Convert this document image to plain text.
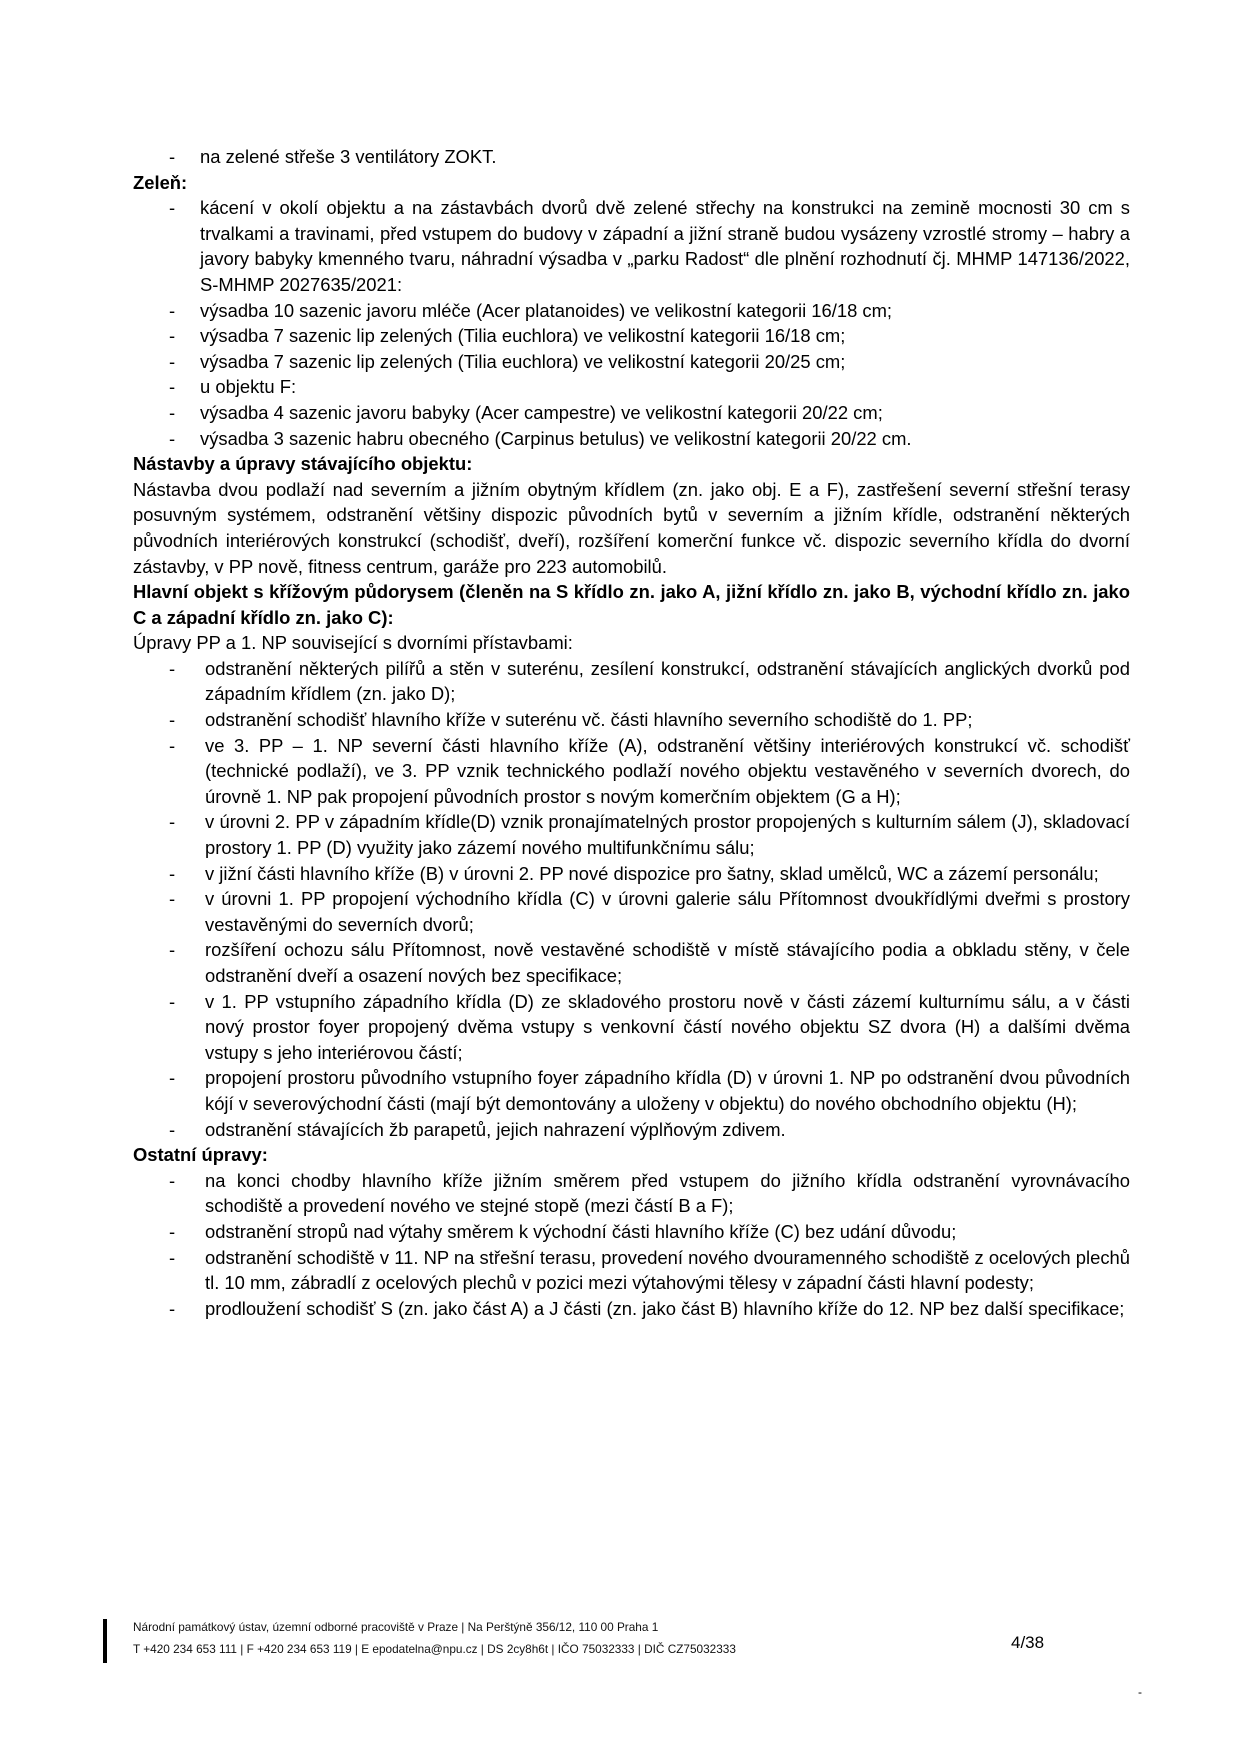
- na zelené střeše 3 ventilátory ZOKT.
Zeleň:
- kácení v okolí objektu a na zástavbách dvorů dvě zelené střechy na konstrukci na zemině mocnosti 30 cm s trvalkami a travinami, před vstupem do budovy v západní a jižní straně budou vysázeny vzrostlé stromy – habry a javory babyky kmenného tvaru, náhradní výsadba v „parku Radost“ dle plnění rozhodnutí čj. MHMP 147136/2022, S-MHMP 2027635/2021:
- výsadba 10 sazenic javoru mléče (Acer platanoides) ve velikostní kategorii 16/18 cm;
- výsadba 7 sazenic lip zelených (Tilia euchlora) ve velikostní kategorii 16/18 cm;
- výsadba 7 sazenic lip zelených (Tilia euchlora) ve velikostní kategorii 20/25 cm;
- u objektu F:
- výsadba 4 sazenic javoru babyky (Acer campestre) ve velikostní kategorii 20/22 cm;
- výsadba 3 sazenic habru obecného (Carpinus betulus) ve velikostní kategorii 20/22 cm.
Nástavby a úpravy stávajícího objektu:
Nástavba dvou podlaží nad severním a jižním obytným křídlem (zn. jako obj. E a F), zastřešení severní střešní terasy posuvným systémem, odstranění většiny dispozic původních bytů v severním a jižním křídle, odstranění některých původních interiérových konstrukcí (schodišť, dveří), rozšíření komerční funkce vč. dispozic severního křídla do dvorní zástavby, v PP nově, fitness centrum, garáže pro 223 automobilů.
Hlavní objekt s křížovým půdorysem (členěn na S křídlo zn. jako A, jižní křídlo zn. jako B, východní křídlo zn. jako C a západní křídlo zn. jako C):
Úpravy PP a 1. NP související s dvorními přístavbami:
- odstranění některých pilířů a stěn v suterénu, zesílení konstrukcí, odstranění stávajících anglických dvorků pod západním křídlem (zn. jako D);
- odstranění schodišť hlavního kříže v suterénu vč. části hlavního severního schodiště do 1. PP;
- ve 3. PP – 1. NP severní části hlavního kříže (A), odstranění většiny interiérových konstrukcí vč. schodišť (technické podlaží), ve 3. PP vznik technického podlaží nového objektu vestavěného v severních dvorech, do úrovně 1. NP pak propojení původních prostor s novým komerčním objektem (G a H);
- v úrovni 2. PP v západním křídle(D) vznik pronajímatelných prostor propojených s kulturním sálem (J), skladovací prostory 1. PP (D) využity jako zázemí nového multifunkčnímu sálu;
- v jižní části hlavního kříže (B) v úrovni 2. PP nové dispozice pro šatny, sklad umělců, WC a zázemí personálu;
- v úrovni 1. PP propojení východního křídla (C) v úrovni galerie sálu Přítomnost dvoukřídlými dveřmi s prostory vestavěnými do severních dvorů;
- rozšíření ochozu sálu Přítomnost, nově vestavěné schodiště v místě stávajícího podia a obkladu stěny, v čele odstranění dveří a osazení nových bez specifikace;
- v 1. PP vstupního západního křídla (D) ze skladového prostoru nově v části zázemí kulturnímu sálu, a v části nový prostor foyer propojený dvěma vstupy s venkovní částí nového objektu SZ dvora (H) a dalšími dvěma vstupy s jeho interiérovou částí;
- propojení prostoru původního vstupního foyer západního křídla (D) v úrovni 1. NP po odstranění dvou původních kójí v severovýchodní části (mají být demontovány a uloženy v objektu) do nového obchodního objektu (H);
- odstranění stávajících žb parapetů, jejich nahrazení výplňovým zdivem.
Ostatní úpravy:
- na konci chodby hlavního kříže jižním směrem před vstupem do jižního křídla odstranění vyrovnávacího schodiště a provedení nového ve stejné stopě (mezi částí B a F);
- odstranění stropů nad výtahy směrem k východní části hlavního kříže (C) bez udání důvodu;
- odstranění schodiště v 11. NP na střešní terasu, provedení nového dvouramenného schodiště z ocelových plechů tl. 10 mm, zábradlí z ocelových plechů v pozici mezi výtahovými tělesy v západní části hlavní podesty;
- prodloužení schodišť S (zn. jako část A) a J části (zn. jako část B) hlavního kříže do 12. NP bez další specifikace;
Národní památkový ústav, územní odborné pracoviště v Praze | Na Perštýně 356/12, 110 00 Praha 1
T +420 234 653 111 | F +420 234 653 119 | E epodatelna@npu.cz | DS 2cy8h6t | IČO 75032333 | DIČ CZ75032333	4/38
-
